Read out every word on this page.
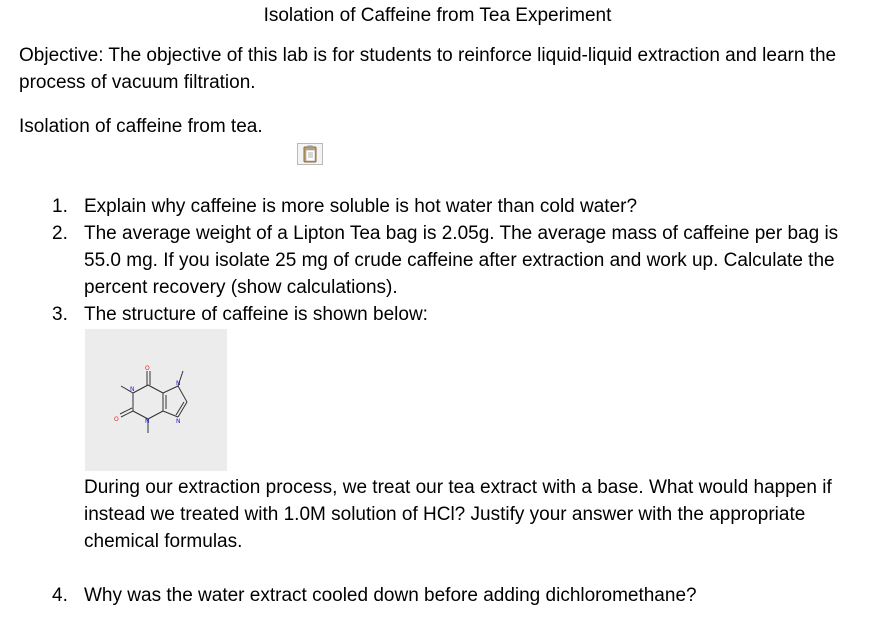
Isolation of Caffeine from Tea Experiment
Objective: The objective of this lab is for students to reinforce liquid-liquid extraction and learn the process of vacuum filtration.
Isolation of caffeine from tea.
1. Explain why caffeine is more soluble is hot water than cold water?
2. The average weight of a Lipton Tea bag is 2.05g. The average mass of caffeine per bag is 55.0 mg. If you isolate 25 mg of crude caffeine after extraction and work up. Calculate the percent recovery (show calculations).
3. The structure of caffeine is shown below:
O
O
N
N
N
N
During our extraction process, we treat our tea extract with a base. What would happen if instead we treated with 1.0M solution of HCl? Justify your answer with the appropriate chemical formulas.
4. Why was the water extract cooled down before adding dichloromethane?
